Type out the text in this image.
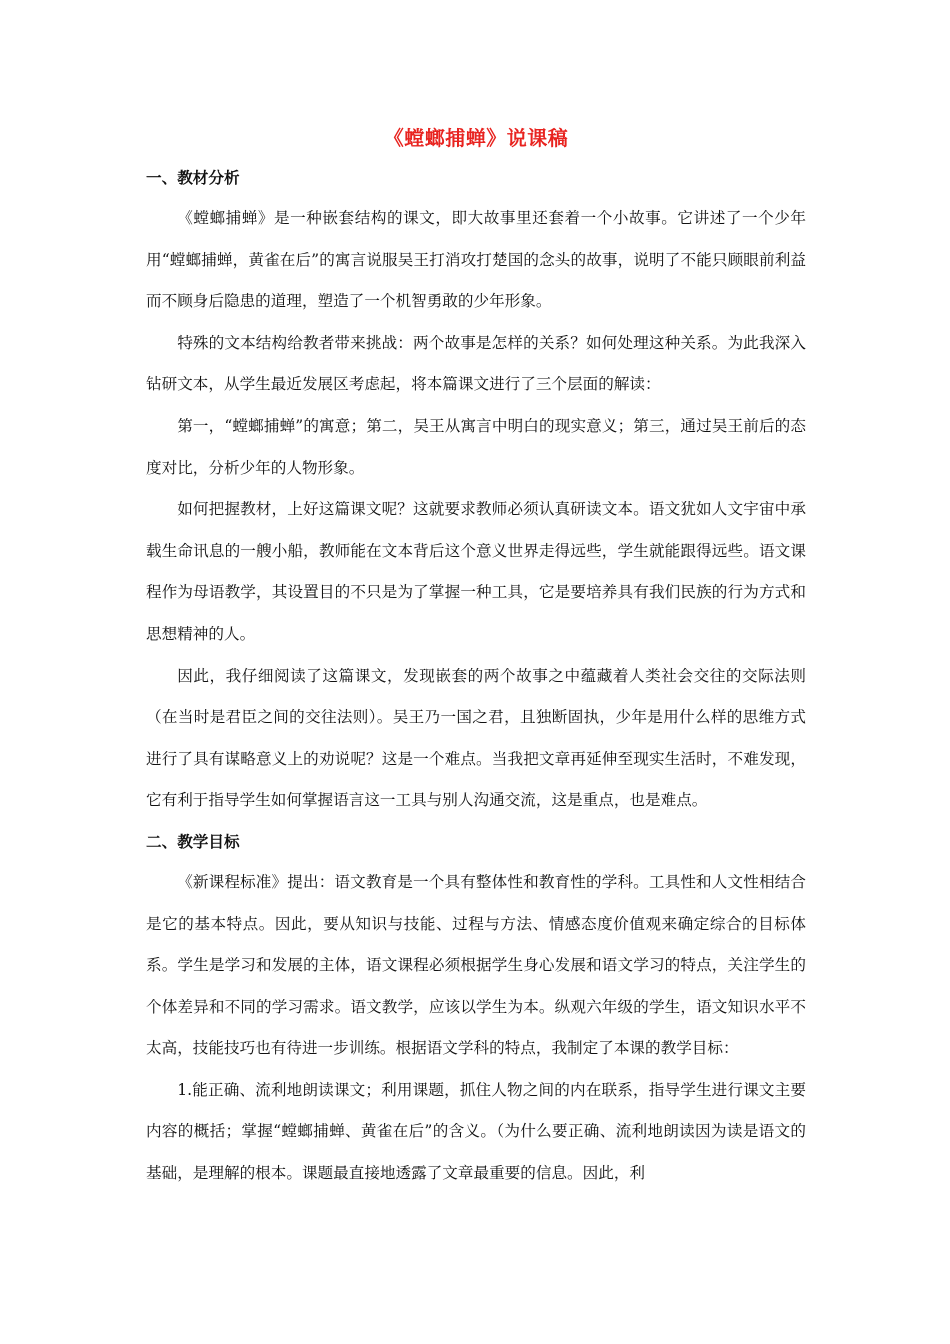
《螳螂捕蝉》说课稿
一、教材分析

《螳螂捕蝉》是一种嵌套结构的课文，即大故事里还套着一个小故事。它讲述了一个少年用“螳螂捕蝉，黄雀在后”的寓言说服吴王打消攻打楚国的念头的故事，说明了不能只顾眼前利益而不顾身后隐患的道理，塑造了一个机智勇敢的少年形象。

特殊的文本结构给教者带来挑战：两个故事是怎样的关系？如何处理这种关系。为此我深入钻研文本，从学生最近发展区考虑起，将本篇课文进行了三个层面的解读：

第一，“螳螂捕蝉”的寓意；第二，吴王从寓言中明白的现实意义；第三，通过吴王前后的态度对比，分析少年的人物形象。

如何把握教材，上好这篇课文呢？这就要求教师必须认真研读文本。语文犹如人文宇宙中承载生命讯息的一艘小船，教师能在文本背后这个意义世界走得远些，学生就能跟得远些。语文课程作为母语教学，其设置目的不只是为了掌握一种工具，它是要培养具有我们民族的行为方式和思想精神的人。

因此，我仔细阅读了这篇课文，发现嵌套的两个故事之中蕴藏着人类社会交往的交际法则（在当时是君臣之间的交往法则）。吴王乃一国之君，且独断固执，少年是用什么样的思维方式进行了具有谋略意义上的劝说呢？这是一个难点。当我把文章再延伸至现实生活时，不难发现，它有利于指导学生如何掌握语言这一工具与别人沟通交流，这是重点，也是难点。

二、教学目标

《新课程标准》提出：语文教育是一个具有整体性和教育性的学科。工具性和人文性相结合是它的基本特点。因此，要从知识与技能、过程与方法、情感态度价值观来确定综合的目标体系。学生是学习和发展的主体，语文课程必须根据学生身心发展和语文学习的特点，关注学生的个体差异和不同的学习需求。语文教学，应该以学生为本。纵观六年级的学生，语文知识水平不太高，技能技巧也有待进一步训练。根据语文学科的特点，我制定了本课的教学目标：

1.能正确、流利地朗读课文；利用课题，抓住人物之间的内在联系，指导学生进行课文主要内容的概括；掌握“螳螂捕蝉、黄雀在后”的含义。（为什么要正确、流利地朗读因为读是语文的基础，是理解的根本。课题最直接地透露了文章最重要的信息。因此，利
